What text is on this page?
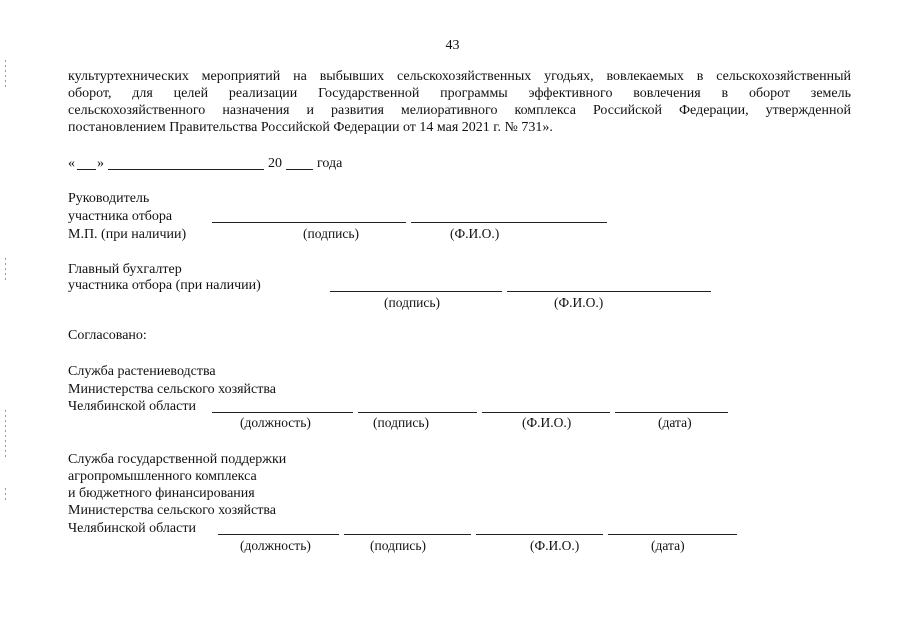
43
культуртехнических мероприятий на выбывших сельскохозяйственных угодьях, вовлекаемых в сельскохозяйственный
оборот, для целей реализации Государственной программы эффективного вовлечения в оборот земель
сельскохозяйственного назначения и развития мелиоративного комплекса Российской Федерации, утвержденной
постановлением Правительства Российской Федерации от 14 мая 2021 г. № 731».
« »	20	года
Руководитель
участника отбора
М.П. (при наличии)	(подпись)	(Ф.И.О.)
Главный бухгалтер
участника отбора (при наличии)
(подпись)	(Ф.И.О.)
Согласовано:
Служба растениеводства
Министерства сельского хозяйства
Челябинской области
(должность)	(подпись)	(Ф.И.О.)	(дата)
Служба государственной поддержки
агропромышленного комплекса
и бюджетного финансирования
Министерства сельского хозяйства
Челябинской области
(должность)	(подпись)	(Ф.И.О.)	(дата)
